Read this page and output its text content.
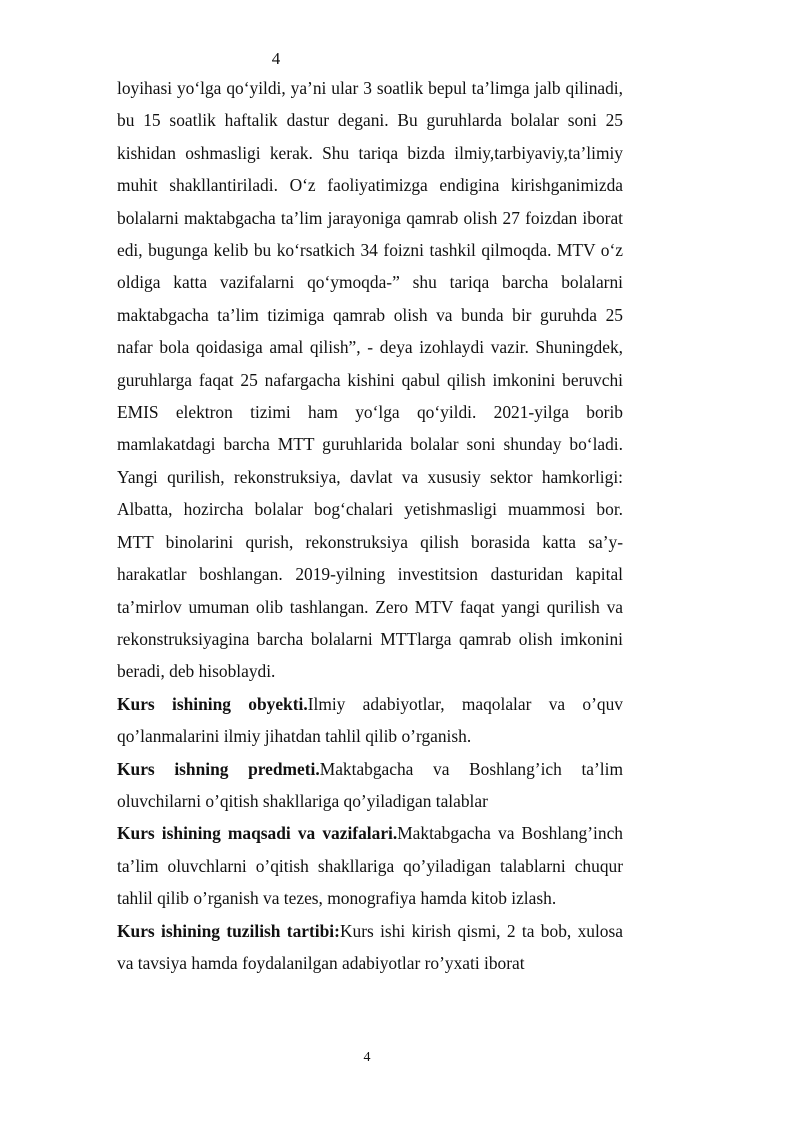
4

loyihasi yo‘lga qo‘yildi, ya’ni ular 3 soatlik bepul ta’limga jalb qilinadi, bu 15 soatlik haftalik dastur degani. Bu guruhlarda bolalar soni 25 kishidan oshmasligi kerak. Shu tariqa bizda ilmiy,tarbiyaviy,ta’limiy muhit shakllantiriladi. O‘z faoliyatimizga endigina kirishganimizda bolalarni maktabgacha ta’lim jarayoniga qamrab olish 27 foizdan iborat edi, bugunga kelib bu ko‘rsatkich 34 foizni tashkil qilmoqda. MTV o‘z oldiga katta vazifalarni qo‘ymoqda-” shu tariqa barcha bolalarni maktabgacha ta’lim tizimiga qamrab olish va bunda bir guruhda 25 nafar bola qoidasiga amal qilish”, - deya izohlaydi vazir. Shuningdek, guruhlarga faqat 25 nafargacha kishini qabul qilish imkonini beruvchi EMIS elektron tizimi ham yo‘lga qo‘yildi. 2021-yilga borib mamlakatdagi barcha MTT guruhlarida bolalar soni shunday bo‘ladi. Yangi qurilish, rekonstruksiya, davlat va xususiy sektor hamkorligi: Albatta, hozircha bolalar bog‘chalari yetishmasligi muammosi bor. MTT binolarini qurish, rekonstruksiya qilish borasida katta sa’y-harakatlar boshlangan. 2019-yilning investitsion dasturidan kapital ta’mirlov umuman olib tashlangan. Zero MTV faqat yangi qurilish va rekonstruksiyagina barcha bolalarni MTTlarga qamrab olish imkonini beradi, deb hisoblaydi.

Kurs ishining obyekti.Ilmiy adabiyotlar, maqolalar va o’quv qo’lanmalarini ilmiy jihatdan tahlil qilib o’rganish.

Kurs ishning predmeti.Maktabgacha va Boshlang’ich ta’lim oluvchilarni o’qitish shakllariga qo’yiladigan talablar

Kurs ishining maqsadi va vazifalari.Maktabgacha va Boshlang’inch ta’lim oluvchlarni o’qitish shakllariga qo’yiladigan talablarni chuqur tahlil qilib o’rganish va tezes, monografiya hamda kitob izlash.

Kurs ishining tuzilish tartibi:Kurs ishi kirish qismi, 2 ta bob, xulosa va tavsiya hamda foydalanilgan adabiyotlar ro’yxati iborat

4
